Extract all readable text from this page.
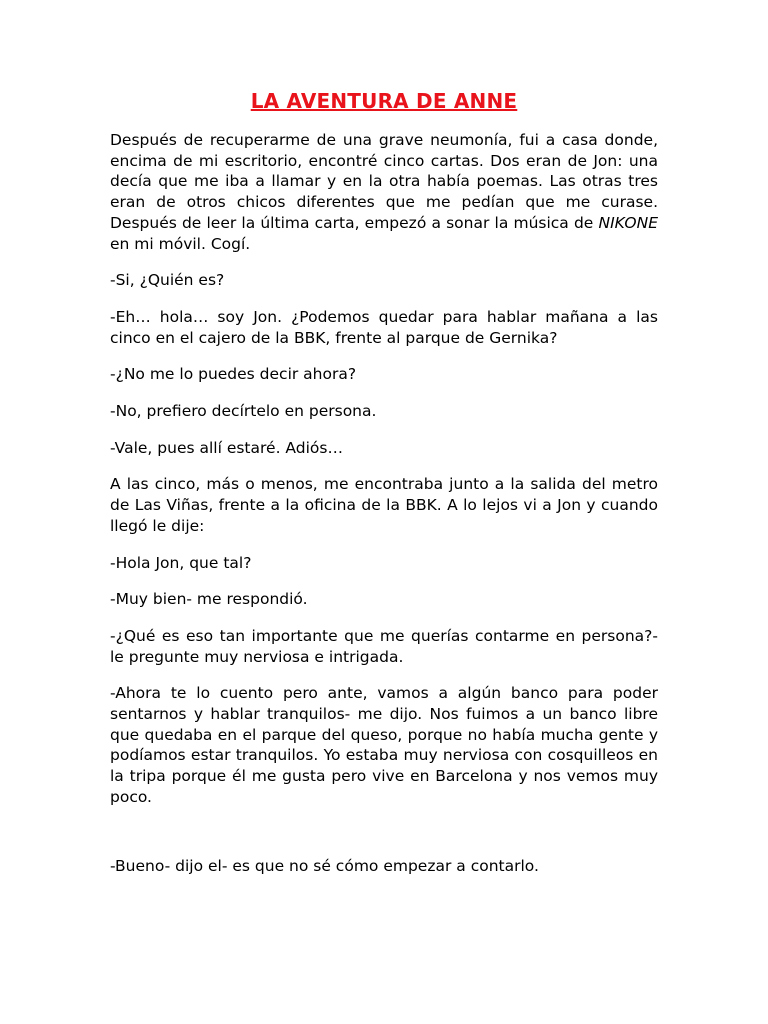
LA AVENTURA DE ANNE

Después de recuperarme de una grave neumonía, fui a casa donde, encima de mi escritorio, encontré cinco cartas. Dos eran de Jon: una decía que me iba a llamar y en la otra había poemas. Las otras tres eran de otros chicos diferentes que me pedían que me curase. Después de leer la última carta, empezó a sonar la música de NIKONE en mi móvil. Cogí.

-Si, ¿Quién es?

-Eh… hola… soy Jon. ¿Podemos quedar para hablar mañana a las cinco en el cajero de la BBK, frente al parque de Gernika?

-¿No me lo puedes decir ahora?

-No, prefiero decírtelo en persona.

-Vale, pues allí estaré. Adiós…

A las cinco, más o menos, me encontraba junto a la salida del metro de Las Viñas, frente a la oficina de la BBK. A lo lejos vi a Jon y cuando llegó le dije:

-Hola Jon, que tal?

-Muy bien- me respondió.

-¿Qué es eso tan importante que me querías contarme en persona?- le pregunte muy nerviosa e intrigada.

-Ahora te lo cuento pero ante, vamos a algún banco para poder sentarnos y hablar tranquilos- me dijo. Nos fuimos a un banco libre que quedaba en el parque del queso, porque no había mucha gente y podíamos estar tranquilos. Yo estaba muy nerviosa con cosquilleos en la tripa porque él me gusta pero vive en Barcelona y nos vemos muy poco.

-Bueno- dijo el- es que no sé cómo empezar a contarlo.
